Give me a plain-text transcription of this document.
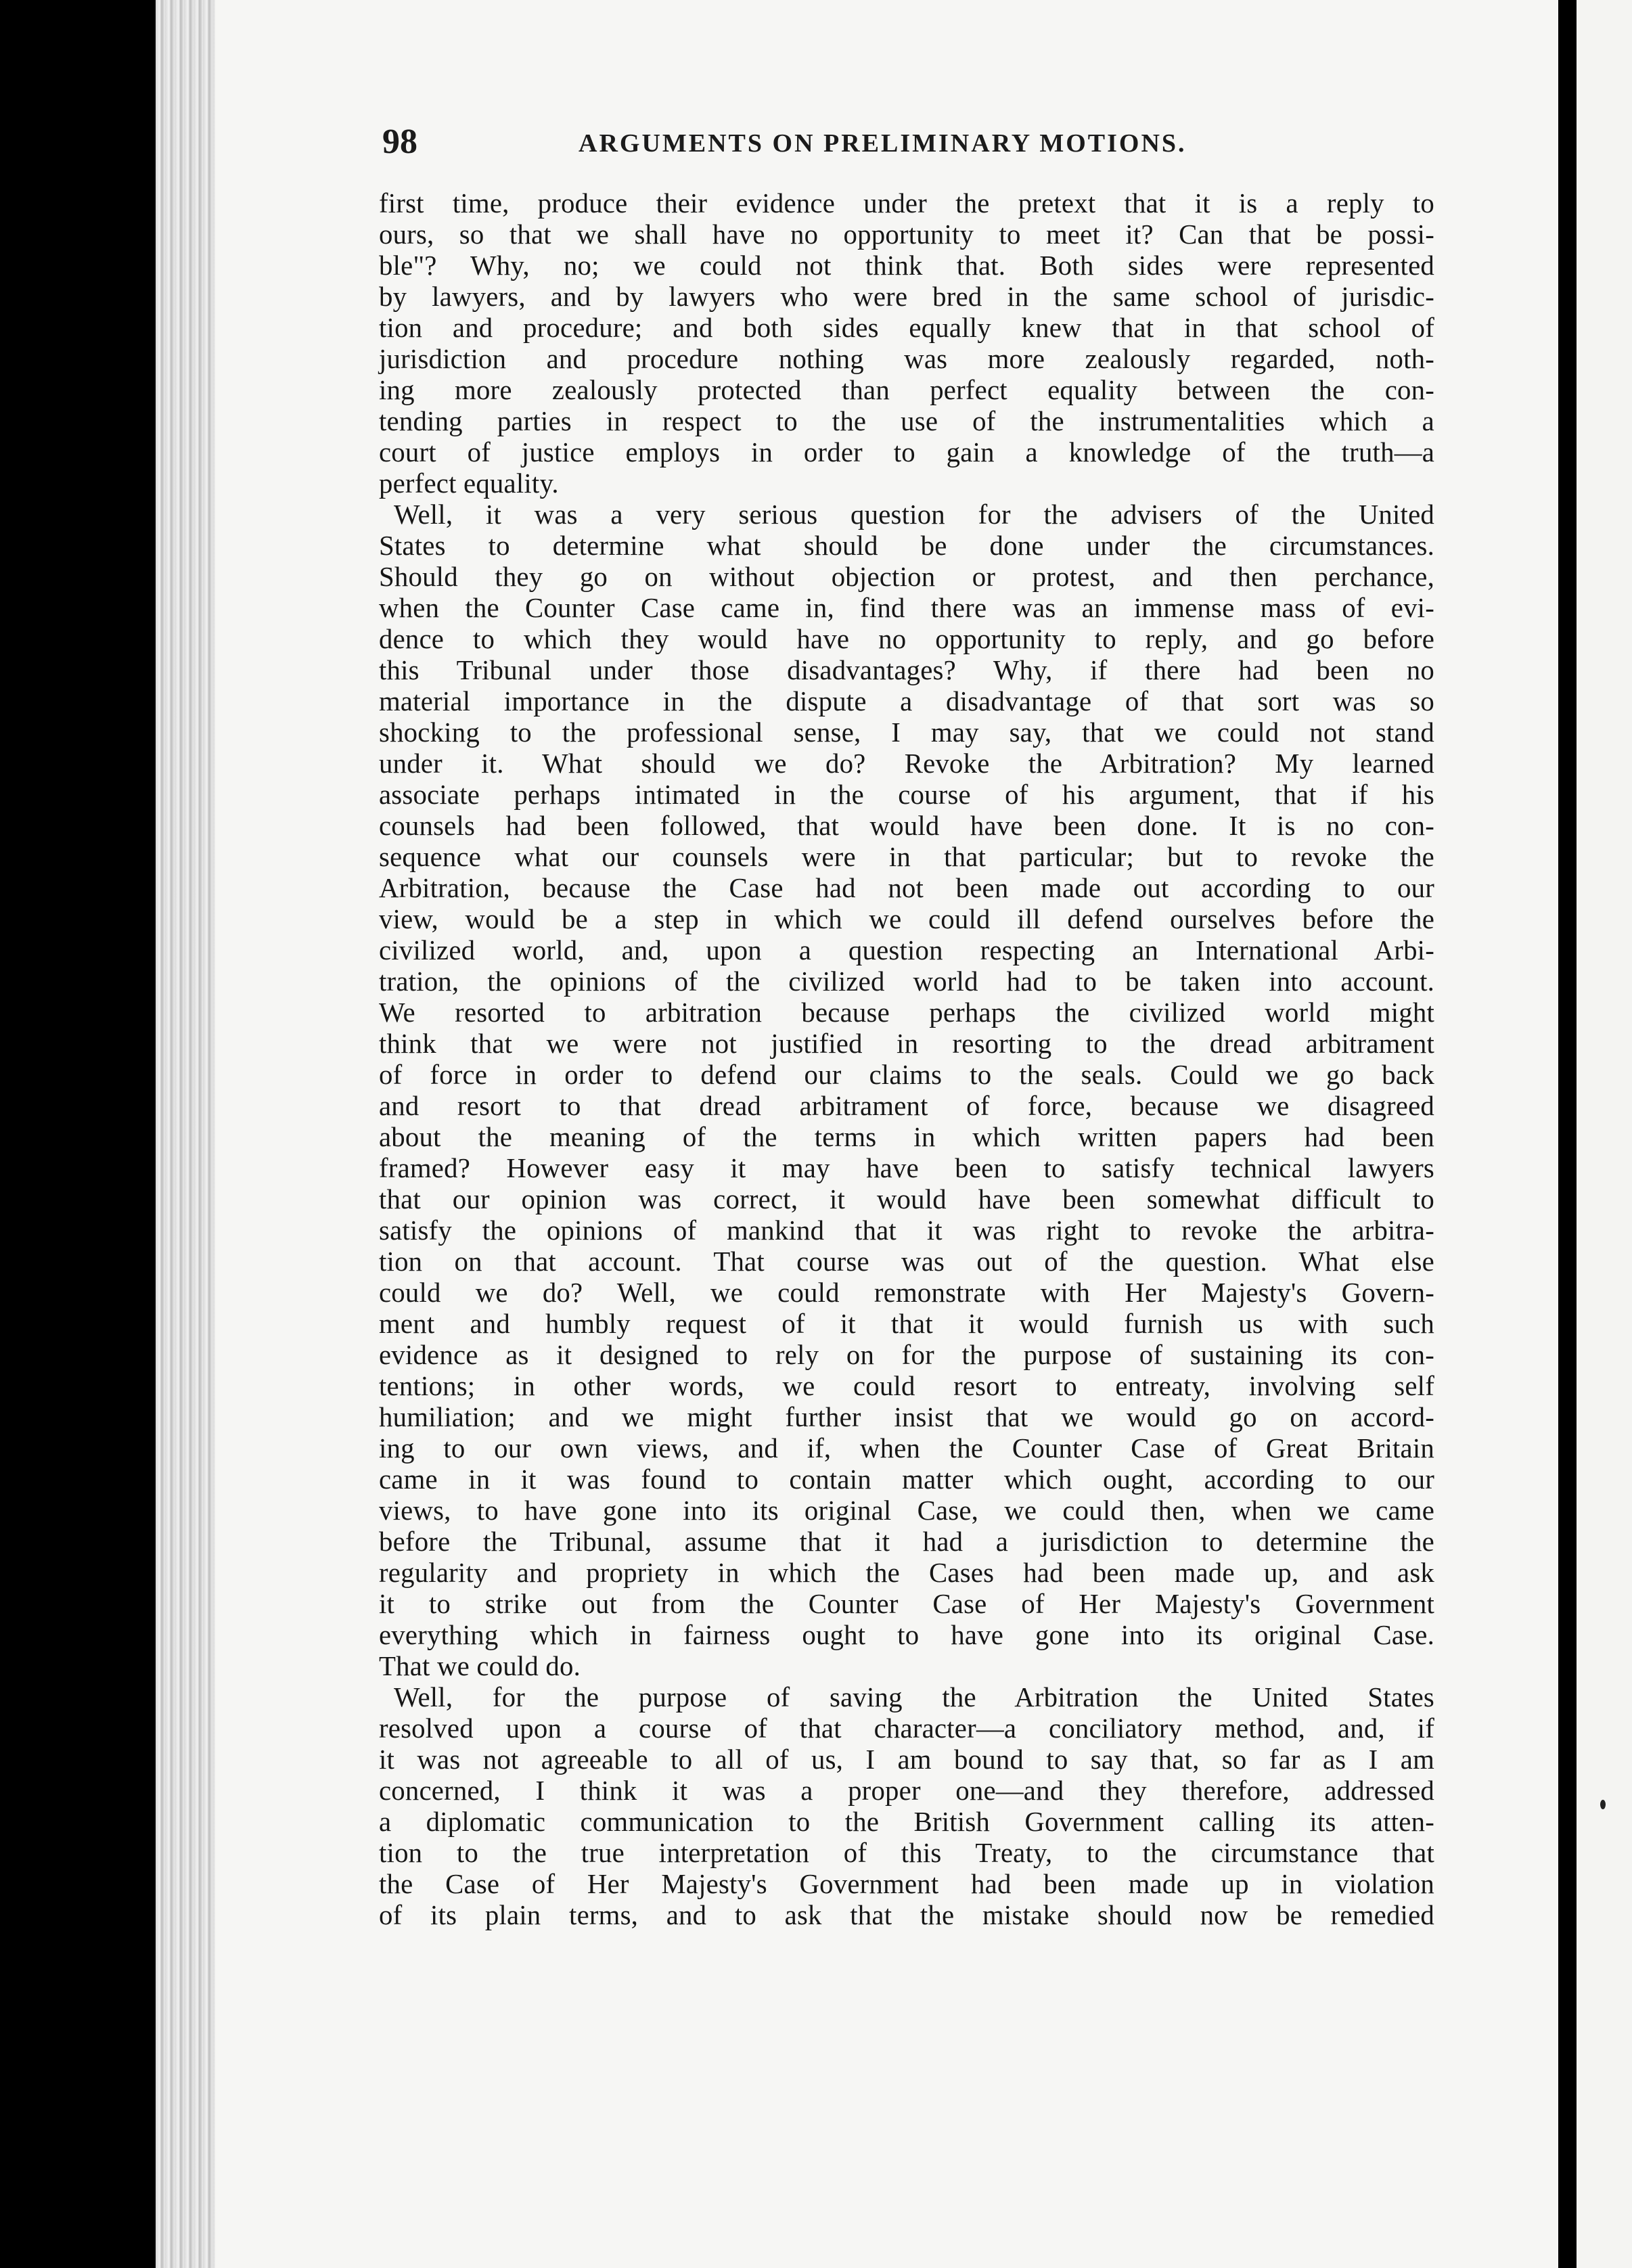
98	ARGUMENTS ON PRELIMINARY MOTIONS.

first time, produce their evidence under the pretext that it is a reply to

ours, so that we shall have no opportunity to meet it? Can that be possi-

ble"? Why, no; we could not think that. Both sides were represented

by lawyers, and by lawyers who were bred in the same school of jurisdic-

tion and procedure; and both sides equally knew that in that school of

jurisdiction and procedure nothing was more zealously regarded, noth-

ing more zealously protected than perfect equality between the con-

tending parties in respect to the use of the instrumentalities which a

court of justice employs in order to gain a knowledge of the truth—a

perfect equality.

Well, it was a very serious question for the advisers of the United

States to determine what should be done under the circumstances.

Should they go on without objection or protest, and then perchance,

when the Counter Case came in, find there was an immense mass of evi-

dence to which they would have no opportunity to reply, and go before

this Tribunal under those disadvantages? Why, if there had been no

material importance in the dispute a disadvantage of that sort was so

shocking to the professional sense, I may say, that we could not stand

under it. What should we do? Revoke the Arbitration? My learned

associate perhaps intimated in the course of his argument, that if his

counsels had been followed, that would have been done. It is no con-

sequence what our counsels were in that particular; but to revoke the

Arbitration, because the Case had not been made out according to our

view, would be a step in which we could ill defend ourselves before the

civilized world, and, upon a question respecting an International Arbi-

tration, the opinions of the civilized world had to be taken into account.

We resorted to arbitration because perhaps the civilized world might

think that we were not justified in resorting to the dread arbitrament

of force in order to defend our claims to the seals. Could we go back

and resort to that dread arbitrament of force, because we disagreed

about the meaning of the terms in which written papers had been

framed? However easy it may have been to satisfy technical lawyers

that our opinion was correct, it would have been somewhat difficult to

satisfy the opinions of mankind that it was right to revoke the arbitra-

tion on that account. That course was out of the question. What else

could we do? Well, we could remonstrate with Her Majesty's Govern-

ment and humbly request of it that it would furnish us with such

evidence as it designed to rely on for the purpose of sustaining its con-

tentions; in other words, we could resort to entreaty, involving self

humiliation; and we might further insist that we would go on accord-

ing to our own views, and if, when the Counter Case of Great Britain

came in it was found to contain matter which ought, according to our

views, to have gone into its original Case, we could then, when we came

before the Tribunal, assume that it had a jurisdiction to determine the

regularity and propriety in which the Cases had been made up, and ask

it to strike out from the Counter Case of Her Majesty's Government

everything which in fairness ought to have gone into its original Case.

That we could do.

Well, for the purpose of saving the Arbitration the United States

resolved upon a course of that character—a conciliatory method, and, if

it was not agreeable to all of us, I am bound to say that, so far as I am

concerned, I think it was a proper one—and they therefore, addressed

a diplomatic communication to the British Government calling its atten-

tion to the true interpretation of this Treaty, to the circumstance that

the Case of Her Majesty's Government had been made up in violation

of its plain terms, and to ask that the mistake should now be remedied
